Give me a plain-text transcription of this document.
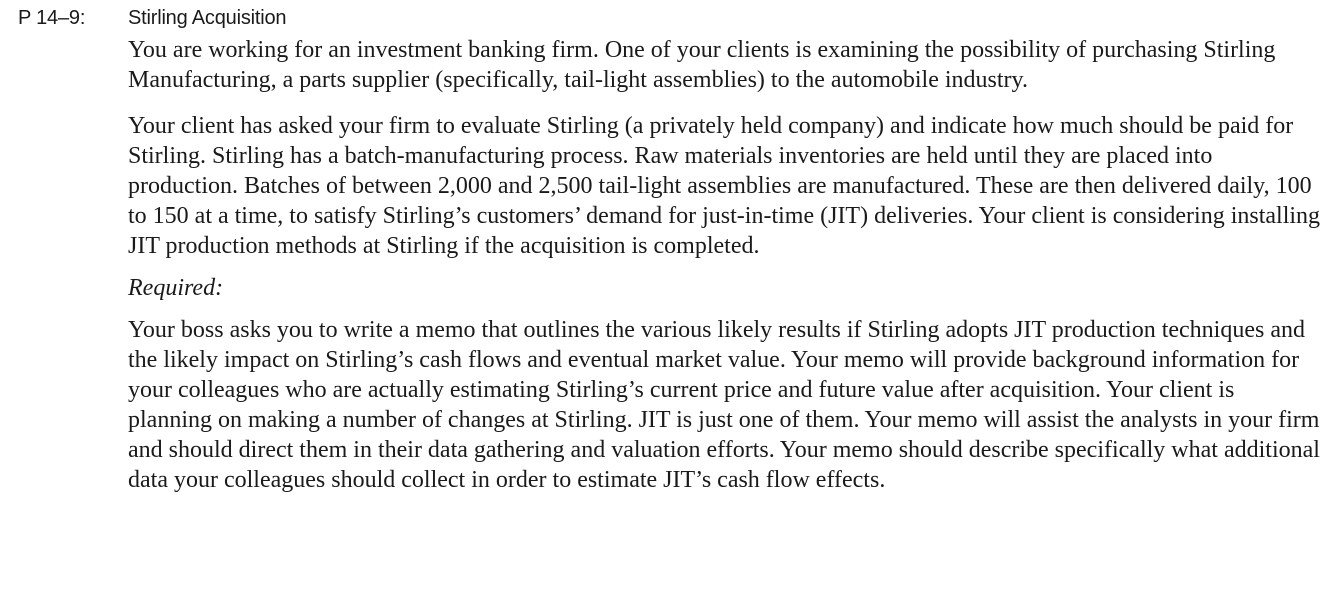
P 14–9: Stirling Acquisition

You are working for an investment banking firm. One of your clients is examining the possibility of purchasing Stirling Manufacturing, a parts supplier (specifically, tail-light assemblies) to the automobile industry.

Your client has asked your firm to evaluate Stirling (a privately held company) and indicate how much should be paid for Stirling. Stirling has a batch-manufacturing process. Raw materials inventories are held until they are placed into production. Batches of between 2,000 and 2,500 tail-light assemblies are manufactured. These are then delivered daily, 100 to 150 at a time, to satisfy Stirling’s customers’ demand for just-in-time (JIT) deliveries. Your client is considering installing JIT production methods at Stirling if the acquisition is completed.

Required:

Your boss asks you to write a memo that outlines the various likely results if Stirling adopts JIT production techniques and the likely impact on Stirling’s cash flows and eventual market value. Your memo will provide background information for your colleagues who are actually estimating Stirling’s current price and future value after acquisition. Your client is planning on making a number of changes at Stirling. JIT is just one of them. Your memo will assist the analysts in your firm and should direct them in their data gathering and valuation efforts. Your memo should describe specifically what additional data your colleagues should collect in order to estimate JIT’s cash flow effects.
